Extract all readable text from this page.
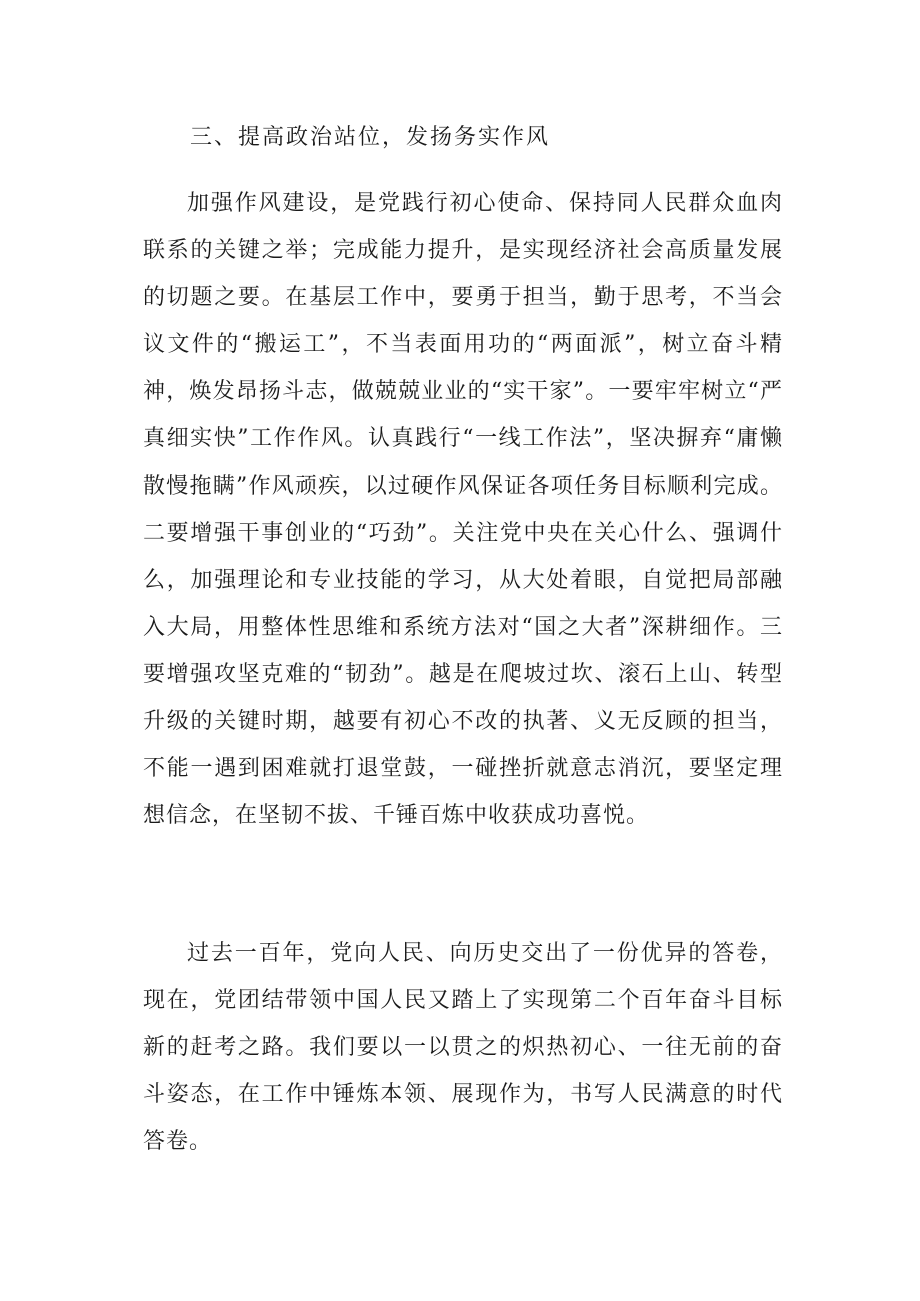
三、提高政治站位，发扬务实作风

加强作风建设，是党践行初心使命、保持同人民群众血肉联系的关键之举；完成能力提升，是实现经济社会高质量发展的切题之要。在基层工作中，要勇于担当，勤于思考，不当会议文件的“搬运工”，不当表面用功的“两面派”，树立奋斗精神，焕发昂扬斗志，做兢兢业业的“实干家”。一要牢牢树立“严真细实快”工作作风。认真践行“一线工作法”，坚决摒弃“庸懒散慢拖瞒”作风顽疾，以过硬作风保证各项任务目标顺利完成。二要增强干事创业的“巧劲”。关注党中央在关心什么、强调什么，加强理论和专业技能的学习，从大处着眼，自觉把局部融入大局，用整体性思维和系统方法对“国之大者”深耕细作。三要增强攻坚克难的“韧劲”。越是在爬坡过坎、滚石上山、转型升级的关键时期，越要有初心不改的执著、义无反顾的担当，不能一遇到困难就打退堂鼓，一碰挫折就意志消沉，要坚定理想信念，在坚韧不拔、千锤百炼中收获成功喜悦。

过去一百年，党向人民、向历史交出了一份优异的答卷，现在，党团结带领中国人民又踏上了实现第二个百年奋斗目标新的赶考之路。我们要以一以贯之的炽热初心、一往无前的奋斗姿态，在工作中锤炼本领、展现作为，书写人民满意的时代答卷。
